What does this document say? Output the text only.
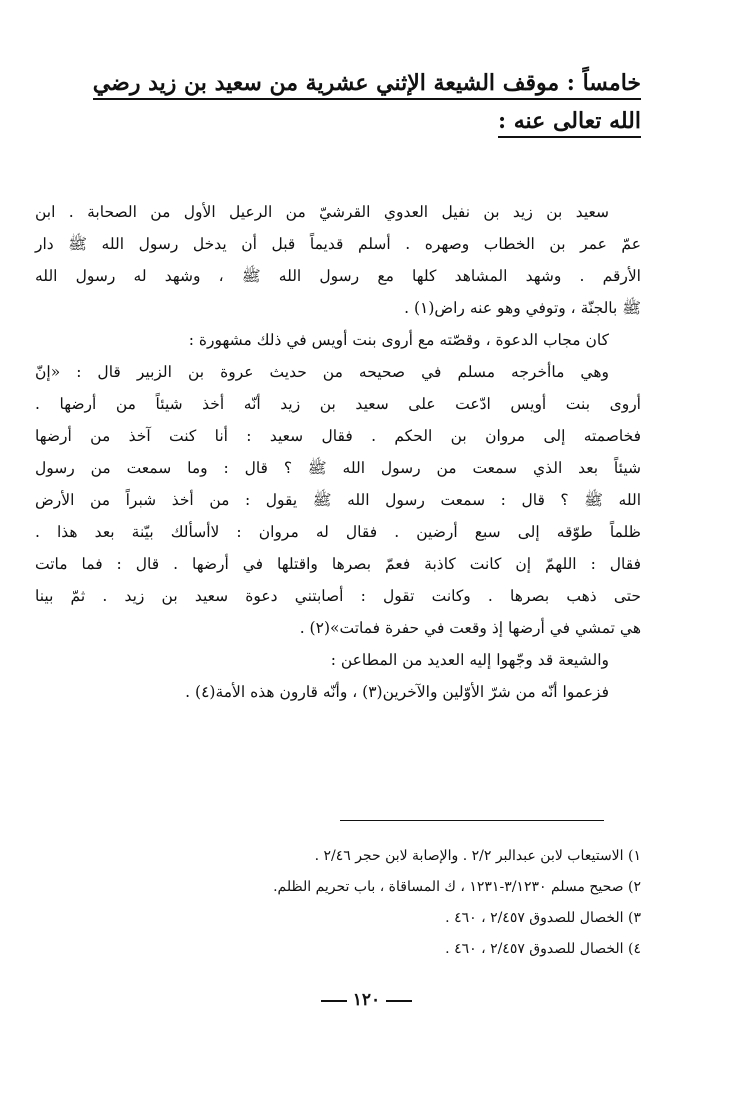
خامساً : موقف الشيعة الإثني عشرية من سعيد بن زيد رضي
الله تعالى عنه :
سعيد بن زيد بن نفيل العدوي القرشيّ من الرعيل الأول من الصحابة . ابن
عمّ عمر بن الخطاب وصهره . أسلم قديماً قبل أن يدخل رسول الله ﷺ دار
الأرقم . وشهد المشاهد كلها مع رسول الله ﷺ ، وشهد له رسول الله
ﷺ بالجنّة ، وتوفي وهو عنه راض(١) .
كان مجاب الدعوة ، وقصّته مع أروى بنت أويس في ذلك مشهورة :
وهي ماأخرجه مسلم في صحيحه من حديث عروة بن الزبير قال : «إنّ
أروى بنت أويس ادّعت على سعيد بن زيد أنّه أخذ شيئاً من أرضها .
فخاصمته إلى مروان بن الحكم . فقال سعيد : أنا كنت آخذ من أرضها
شيئاً بعد الذي سمعت من رسول الله ﷺ ؟ قال : وما سمعت من رسول
الله ﷺ ؟ قال : سمعت رسول الله ﷺ يقول : من أخذ شبراً من الأرض
ظلماً طوّقه إلى سبع أرضين . فقال له مروان : لاأسألك بيّنة بعد هذا .
فقال : اللهمّ إن كانت كاذبة فعمّ بصرها واقتلها في أرضها . قال : فما ماتت
حتى ذهب بصرها . وكانت تقول : أصابتني دعوة سعيد بن زيد . ثمّ بينا
هي تمشي في أرضها إذ وقعت في حفرة فماتت»(٢) .
والشيعة قد وجّهوا إليه العديد من المطاعن :
فزعموا أنّه من شرّ الأوّلين والآخرين(٣) ، وأنّه قارون هذه الأمة(٤) .
١) الاستيعاب لابن عبدالبر ٢/٢ . والإصابة لابن حجر ٢/٤٦ .
٢) صحيح مسلم ٣/١٢٣٠-١٢٣١ ، ك المساقاة ، باب تحريم الظلم.
٣) الخصال للصدوق ٢/٤٥٧ ، ٤٦٠ .
٤) الخصال للصدوق ٢/٤٥٧ ، ٤٦٠ .
١٢٠
